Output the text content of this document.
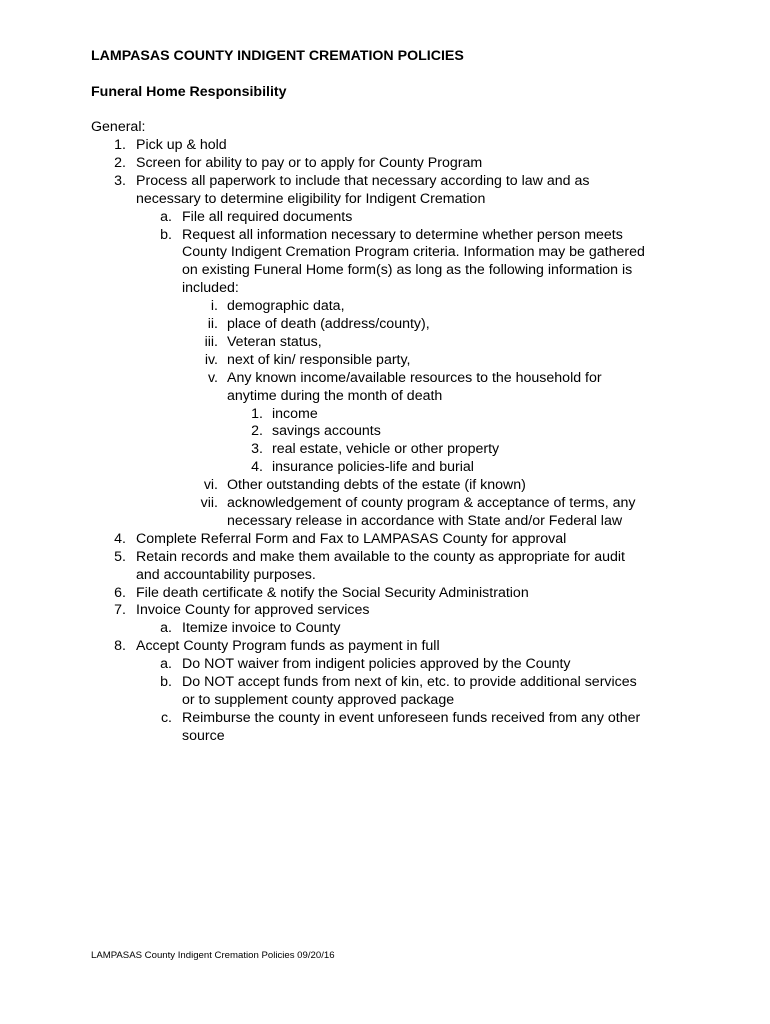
LAMPASAS COUNTY INDIGENT CREMATION POLICIES
Funeral Home Responsibility
General:
1. Pick up & hold
2. Screen for ability to pay or to apply for County Program
3. Process all paperwork to include that necessary according to law and as
necessary to determine eligibility for Indigent Cremation
a. File all required documents
b. Request all information necessary to determine whether person meets
County Indigent Cremation Program criteria. Information may be gathered
on existing Funeral Home form(s) as long as the following information is
included:
i. demographic data,
ii. place of death (address/county),
iii. Veteran status,
iv. next of kin/ responsible party,
v. Any known income/available resources to the household for
anytime during the month of death
1. income
2. savings accounts
3. real estate, vehicle or other property
4. insurance policies-life and burial
vi. Other outstanding debts of the estate (if known)
vii. acknowledgement of county program & acceptance of terms, any
necessary release in accordance with State and/or Federal law
4. Complete Referral Form and Fax to LAMPASAS County for approval
5. Retain records and make them available to the county as appropriate for audit
and accountability purposes.
6. File death certificate & notify the Social Security Administration
7. Invoice County for approved services
a. Itemize invoice to County
8. Accept County Program funds as payment in full
a. Do NOT waiver from indigent policies approved by the County
b. Do NOT accept funds from next of kin, etc. to provide additional services
or to supplement county approved package
c. Reimburse the county in event unforeseen funds received from any other
source
LAMPASAS County Indigent Cremation Policies 09/20/16
